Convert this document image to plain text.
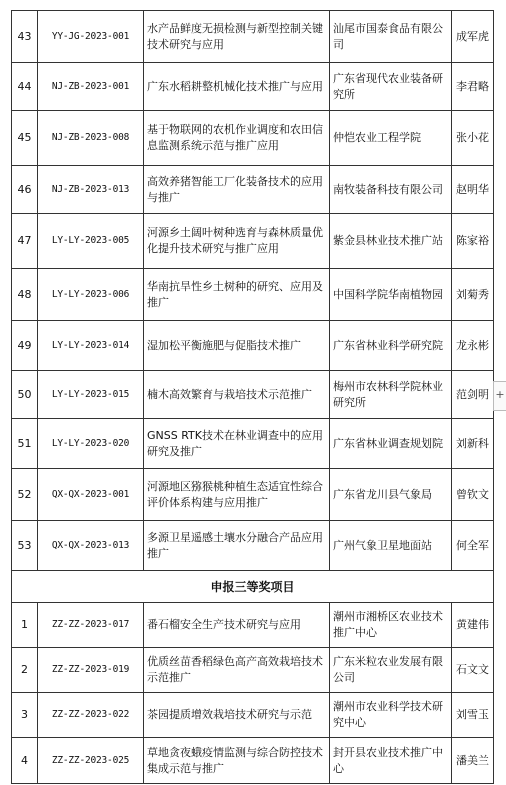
43	YY-JG-2023-001	水产品鲜度无损检测与新型控制关键技术研究与应用	汕尾市国泰食品有限公司	成军虎
44	NJ-ZB-2023-001	广东水稻耕整机械化技术推广与应用	广东省现代农业装备研究所	李君略
45	NJ-ZB-2023-008	基于物联网的农机作业调度和农田信息监测系统示范与推广应用	仲恺农业工程学院	张小花
46	NJ-ZB-2023-013	高效养猪智能工厂化装备技术的应用与推广	南牧装备科技有限公司	赵明华
47	LY-LY-2023-005	河源乡土阔叶树种选育与森林质量优化提升技术研究与推广应用	紫金县林业技术推广站	陈家裕
48	LY-LY-2023-006	华南抗旱性乡土树种的研究、应用及推广	中国科学院华南植物园	刘菊秀
49	LY-LY-2023-014	湿加松平衡施肥与促脂技术推广	广东省林业科学研究院	龙永彬
50	LY-LY-2023-015	楠木高效繁育与栽培技术示范推广	梅州市农林科学院林业研究所	范剑明
51	LY-LY-2023-020	GNSS RTK技术在林业调查中的应用研究及推广	广东省林业调查规划院	刘新科
52	QX-QX-2023-001	河源地区猕猴桃种植生态适宜性综合评价体系构建与应用推广	广东省龙川县气象局	曾钦文
53	QX-QX-2023-013	多源卫星遥感土壤水分融合产品应用推广	广州气象卫星地面站	何全军
申报三等奖项目				
1	ZZ-ZZ-2023-017	番石榴安全生产技术研究与应用	潮州市湘桥区农业技术推广中心	黄建伟
2	ZZ-ZZ-2023-019	优质丝苗香稻绿色高产高效栽培技术示范推广	广东米粒农业发展有限公司	石文文
3	ZZ-ZZ-2023-022	茶园提质增效栽培技术研究与示范	潮州市农业科学技术研究中心	刘雪玉
4	ZZ-ZZ-2023-025	草地贪夜蛾疫情监测与综合防控技术集成示范与推广	封开县农业技术推广中心	潘美兰
+
